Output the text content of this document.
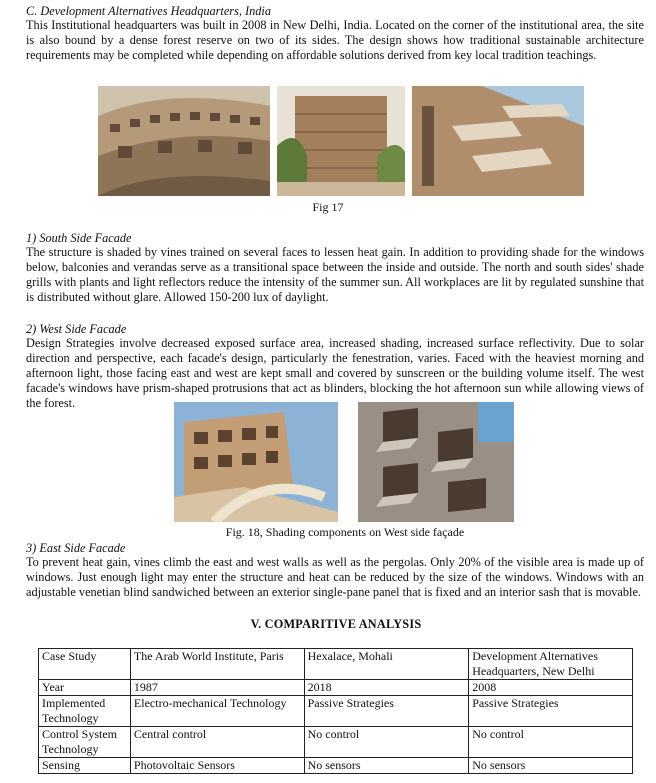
C. Development Alternatives Headquarters, India
This Institutional headquarters was built in 2008 in New Delhi, India. Located on the corner of the institutional area, the site is also bound by a dense forest reserve on two of its sides. The design shows how traditional sustainable architecture requirements may be completed while depending on affordable solutions derived from key local tradition teachings.
Fig 17
1) South Side Facade
The structure is shaded by vines trained on several faces to lessen heat gain. In addition to providing shade for the windows below, balconies and verandas serve as a transitional space between the inside and outside. The north and south sides' shade grills with plants and light reflectors reduce the intensity of the summer sun. All workplaces are lit by regulated sunshine that is distributed without glare. Allowed 150-200 lux of daylight.
2) West Side Facade
Design Strategies involve decreased exposed surface area, increased shading, increased surface reflectivity. Due to solar direction and perspective, each facade's design, particularly the fenestration, varies. Faced with the heaviest morning and afternoon light, those facing east and west are kept small and covered by sunscreen or the building volume itself. The west facade's windows have prism-shaped protrusions that act as blinders, blocking the hot afternoon sun while allowing views of the forest.
Fig. 18, Shading components on West side façade
3) East Side Facade
To prevent heat gain, vines climb the east and west walls as well as the pergolas. Only 20% of the visible area is made up of windows. Just enough light may enter the structure and heat can be reduced by the size of the windows. Windows with an adjustable venetian blind sandwiched between an exterior single-pane panel that is fixed and an interior sash that is movable.
V. COMPARITIVE ANALYSIS
Case Study	The Arab World Institute, Paris	Hexalace, Mohali	Development Alternatives Headquarters, New Delhi
Year	1987	2018	2008
Implemented Technology	Electro-mechanical Technology	Passive Strategies	Passive Strategies
Control System Technology	Central control	No control	No control
Sensing	Photovoltaic Sensors	No sensors	No sensors
